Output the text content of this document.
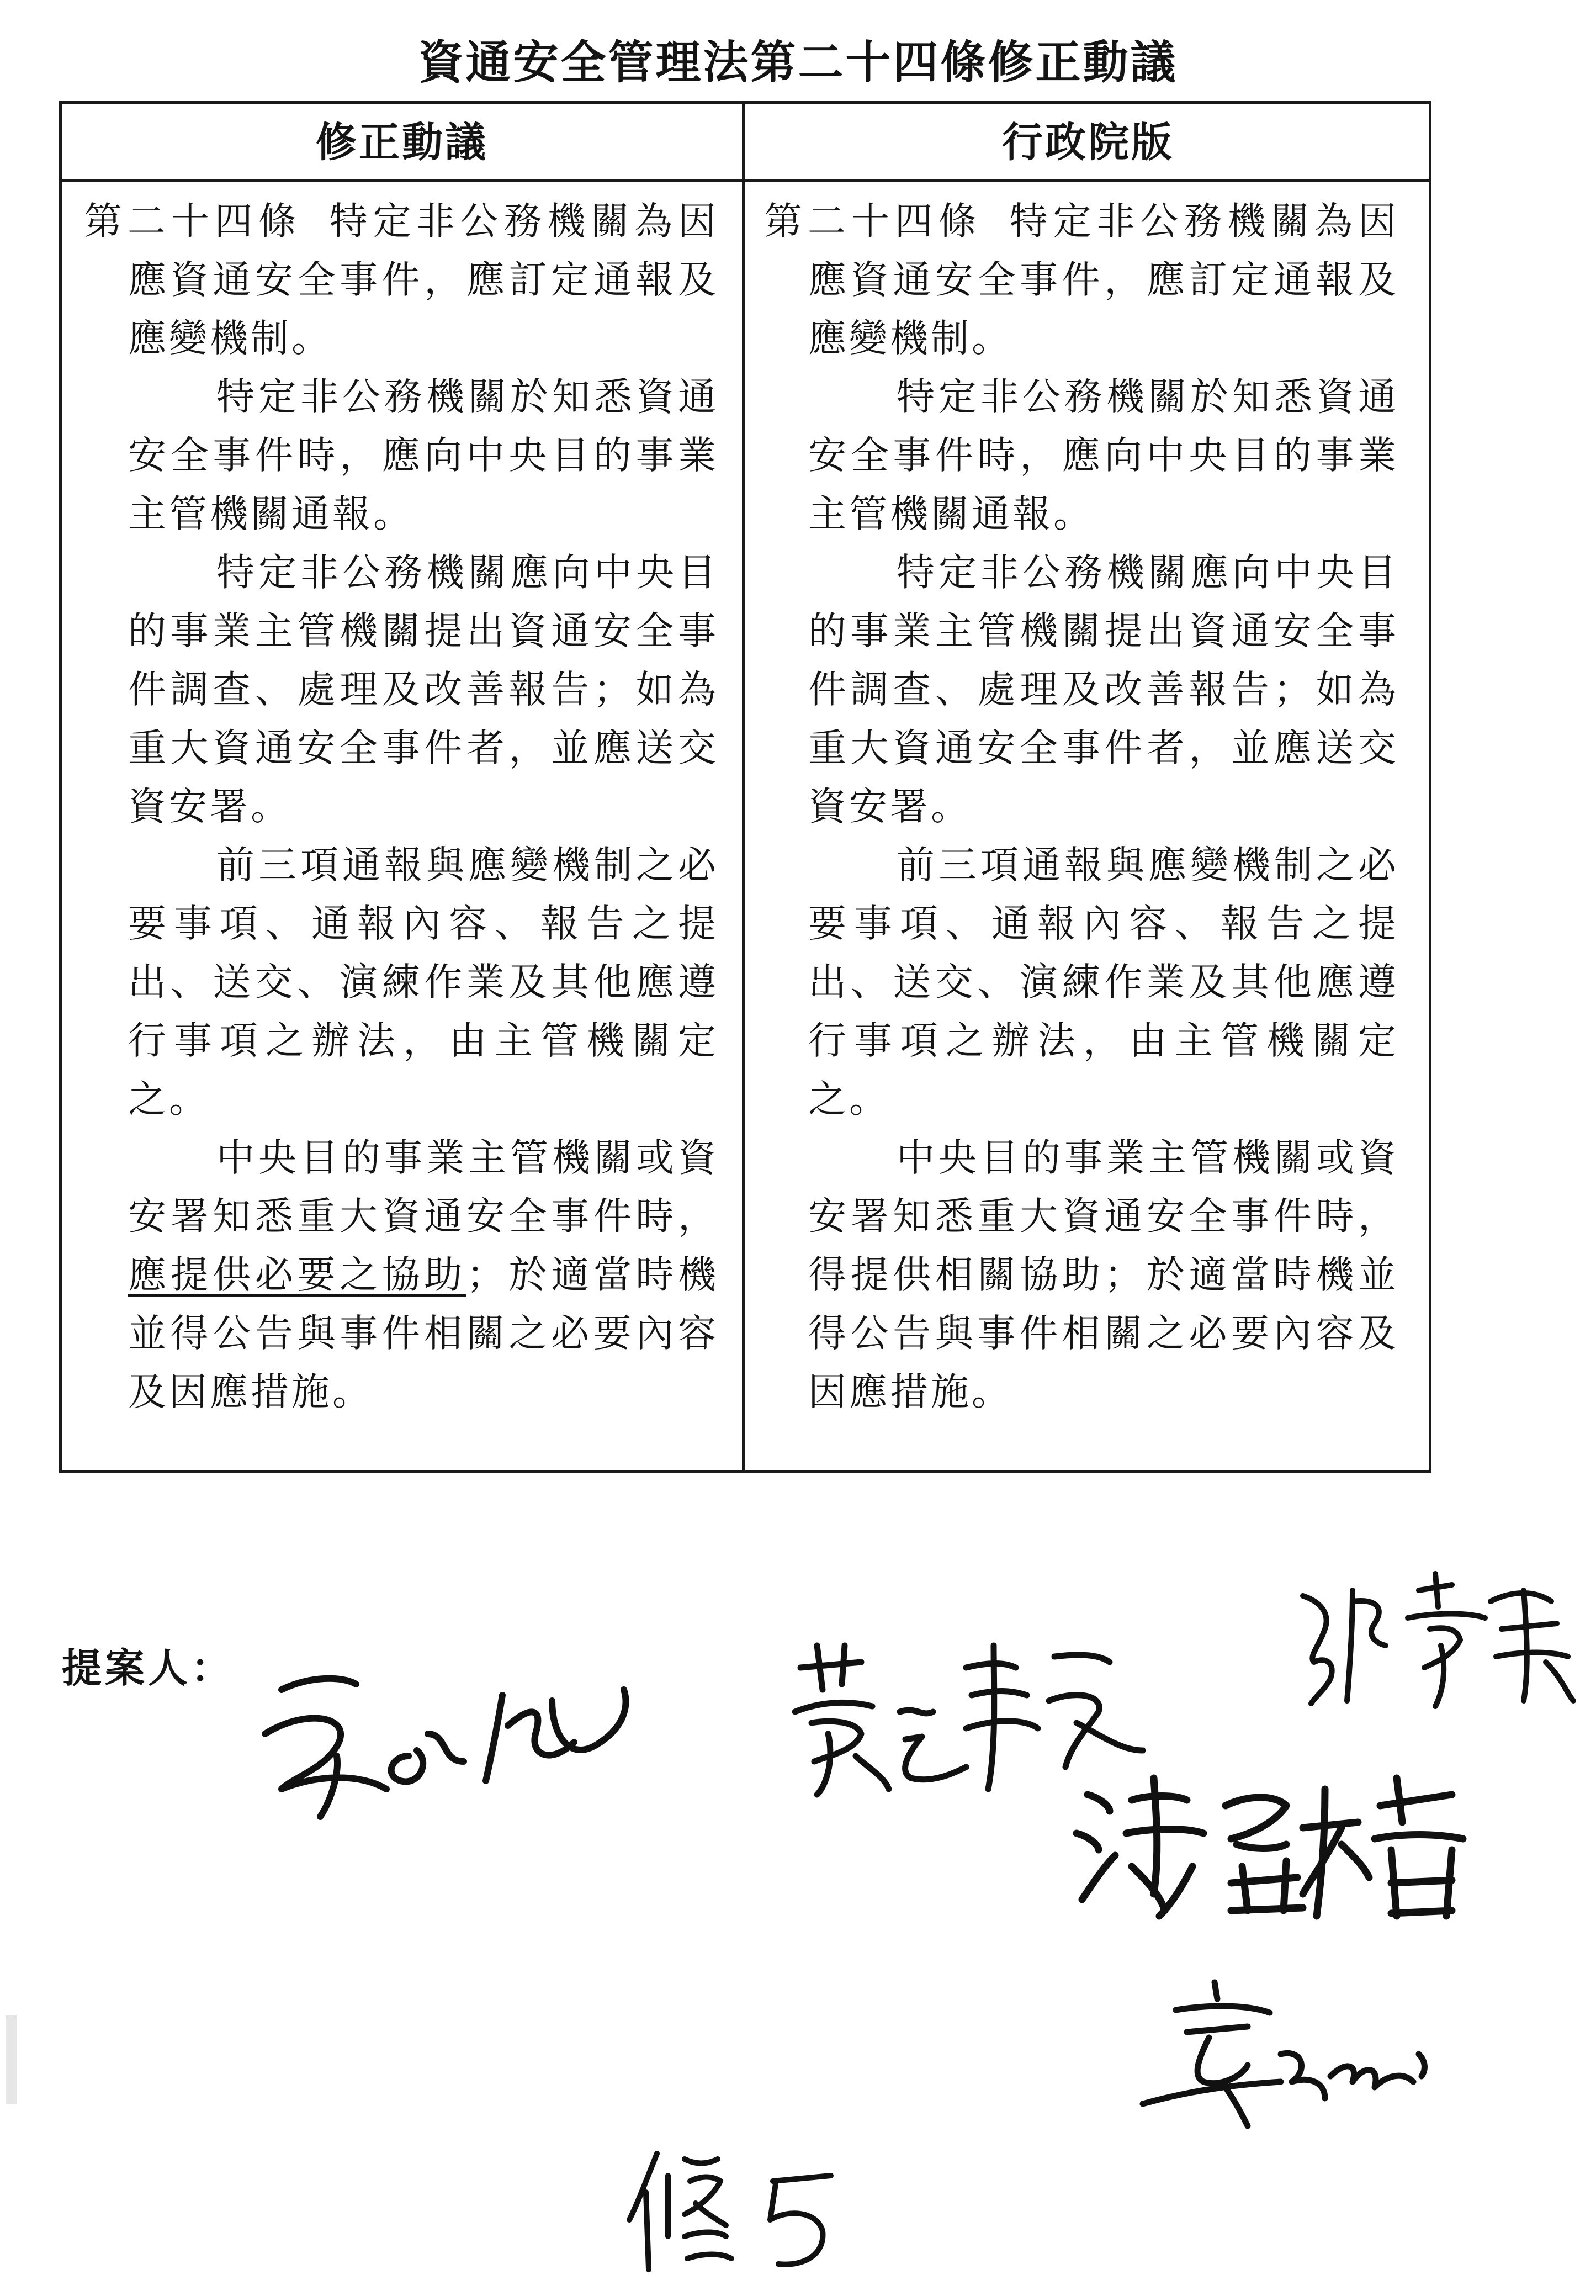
資通安全管理法第二十四條修正動議
修正動議	行政院版

第二十四條 特定非公務機關為因應資通安全事件，應訂定通報及應變機制。

特定非公務機關於知悉資通安全事件時，應向中央目的事業主管機關通報。

特定非公務機關應向中央目的事業主管機關提出資通安全事件調查、處理及改善報告；如為重大資通安全事件者，並應送交資安署。

前三項通報與應變機制之必要事項、通報內容、報告之提出、送交、演練作業及其他應遵行事項之辦法，由主管機關定之。

中央目的事業主管機關或資安署知悉重大資通安全事件時，應提供必要之協助；於適當時機並得公告與事件相關之必要內容及因應措施。

第二十四條 特定非公務機關為因應資通安全事件，應訂定通報及應變機制。

特定非公務機關於知悉資通安全事件時，應向中央目的事業主管機關通報。

特定非公務機關應向中央目的事業主管機關提出資通安全事件調查、處理及改善報告；如為重大資通安全事件者，並應送交資安署。

前三項通報與應變機制之必要事項、通報內容、報告之提出、送交、演練作業及其他應遵行事項之辦法，由主管機關定之。

中央目的事業主管機關或資安署知悉重大資通安全事件時，得提供相關協助；於適當時機並得公告與事件相關之必要內容及因應措施。

提案人：
